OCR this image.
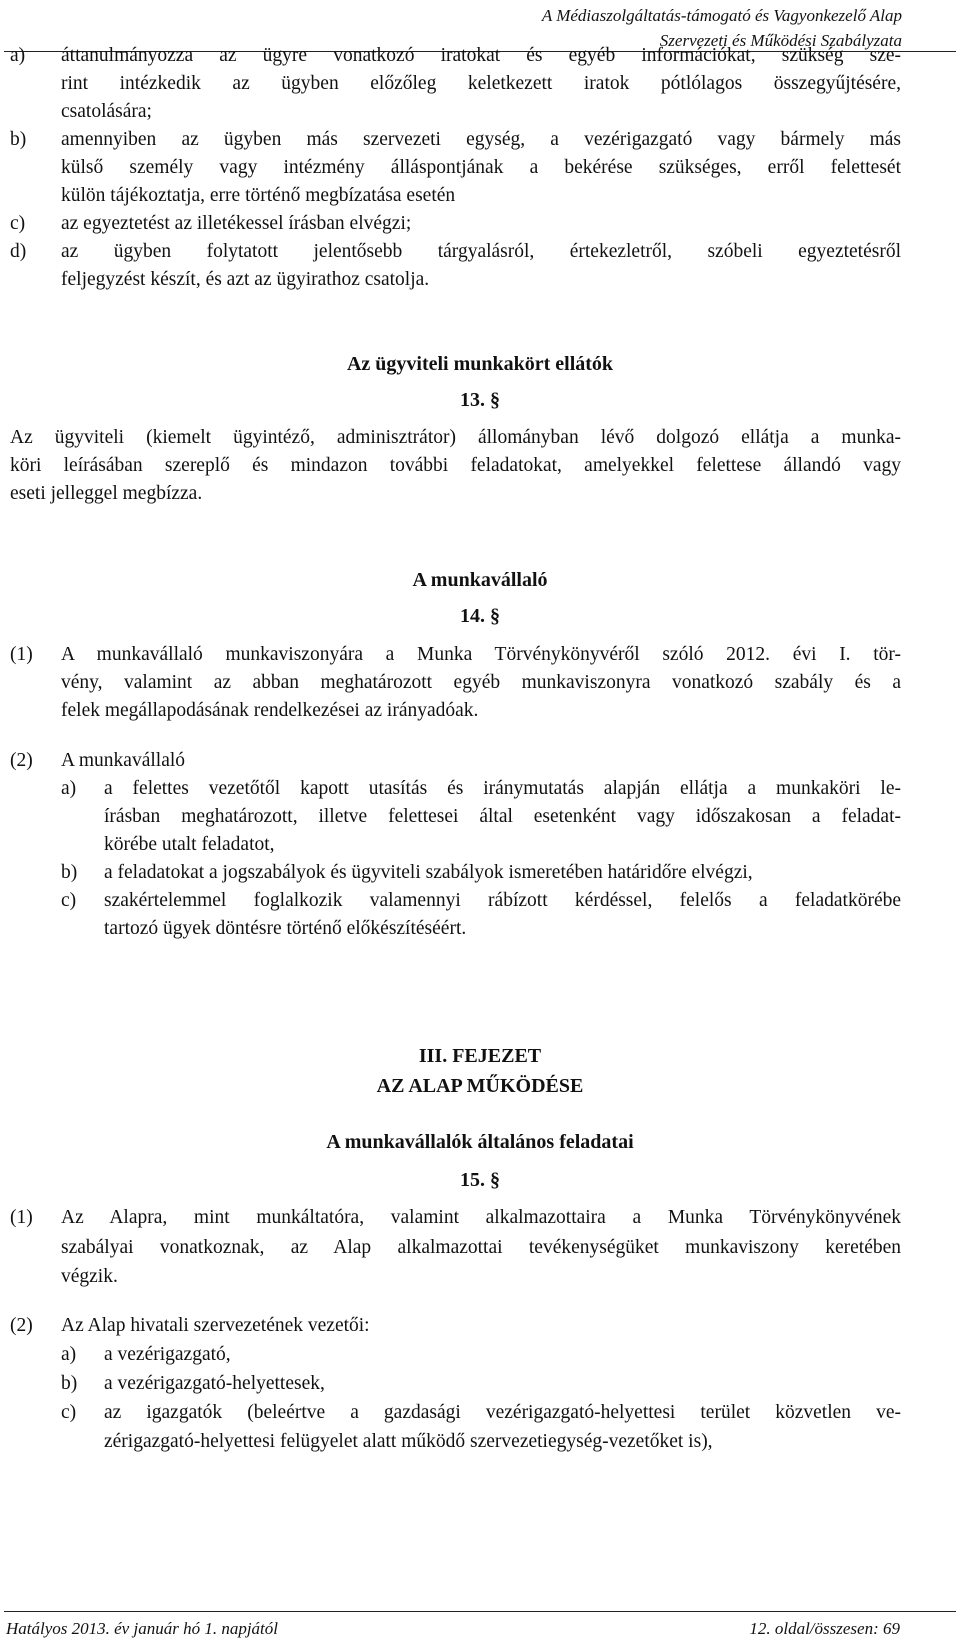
A Médiaszolgáltatás-támogató és Vagyonkezelő Alap
Szervezeti és Működési Szabályzata
a) áttanulmányozza az ügyre vonatkozó iratokat és egyéb információkat, szükség sze-
rint intézkedik az ügyben előzőleg keletkezett iratok pótlólagos összegyűjtésére,
csatolására;
b) amennyiben az ügyben más szervezeti egység, a vezérigazgató vagy bármely más
külső személy vagy intézmény álláspontjának a bekérése szükséges, erről felettesét
külön tájékoztatja, erre történő megbízatása esetén
c) az egyeztetést az illetékessel írásban elvégzi;
d) az ügyben folytatott jelentősebb tárgyalásról, értekezletről, szóbeli egyeztetésről
feljegyzést készít, és azt az ügyirathoz csatolja.
Az ügyviteli munkakört ellátók
13. §
Az ügyviteli (kiemelt ügyintéző, adminisztrátor) állományban lévő dolgozó ellátja a munka-
köri leírásában szereplő és mindazon további feladatokat, amelyekkel felettese állandó vagy
eseti jelleggel megbízza.
A munkavállaló
14. §
(1) A munkavállaló munkaviszonyára a Munka Törvénykönyvéről szóló 2012. évi I. tör-
vény, valamint az abban meghatározott egyéb munkaviszonyra vonatkozó szabály és a
felek megállapodásának rendelkezései az irányadóak.
(2) A munkavállaló
a) a felettes vezetőtől kapott utasítás és iránymutatás alapján ellátja a munkaköri le-
írásban meghatározott, illetve felettesei által esetenként vagy időszakosan a feladat-
körébe utalt feladatot,
b) a feladatokat a jogszabályok és ügyviteli szabályok ismeretében határidőre elvégzi,
c) szakértelemmel foglalkozik valamennyi rábízott kérdéssel, felelős a feladatkörébe
tartozó ügyek döntésre történő előkészítéséért.
III. FEJEZET
AZ ALAP MŰKÖDÉSE
A munkavállalók általános feladatai
15. §
(1) Az Alapra, mint munkáltatóra, valamint alkalmazottaira a Munka Törvénykönyvének
szabályai vonatkoznak, az Alap alkalmazottai tevékenységüket munkaviszony keretében
végzik.
(2) Az Alap hivatali szervezetének vezetői:
a) a vezérigazgató,
b) a vezérigazgató-helyettesek,
c) az igazgatók (beleértve a gazdasági vezérigazgató-helyettesi terület közvetlen ve-
zérigazgató-helyettesi felügyelet alatt működő szervezetiegység-vezetőket is),
Hatályos 2013. év január hó 1. napjától	12. oldal/összesen: 69
